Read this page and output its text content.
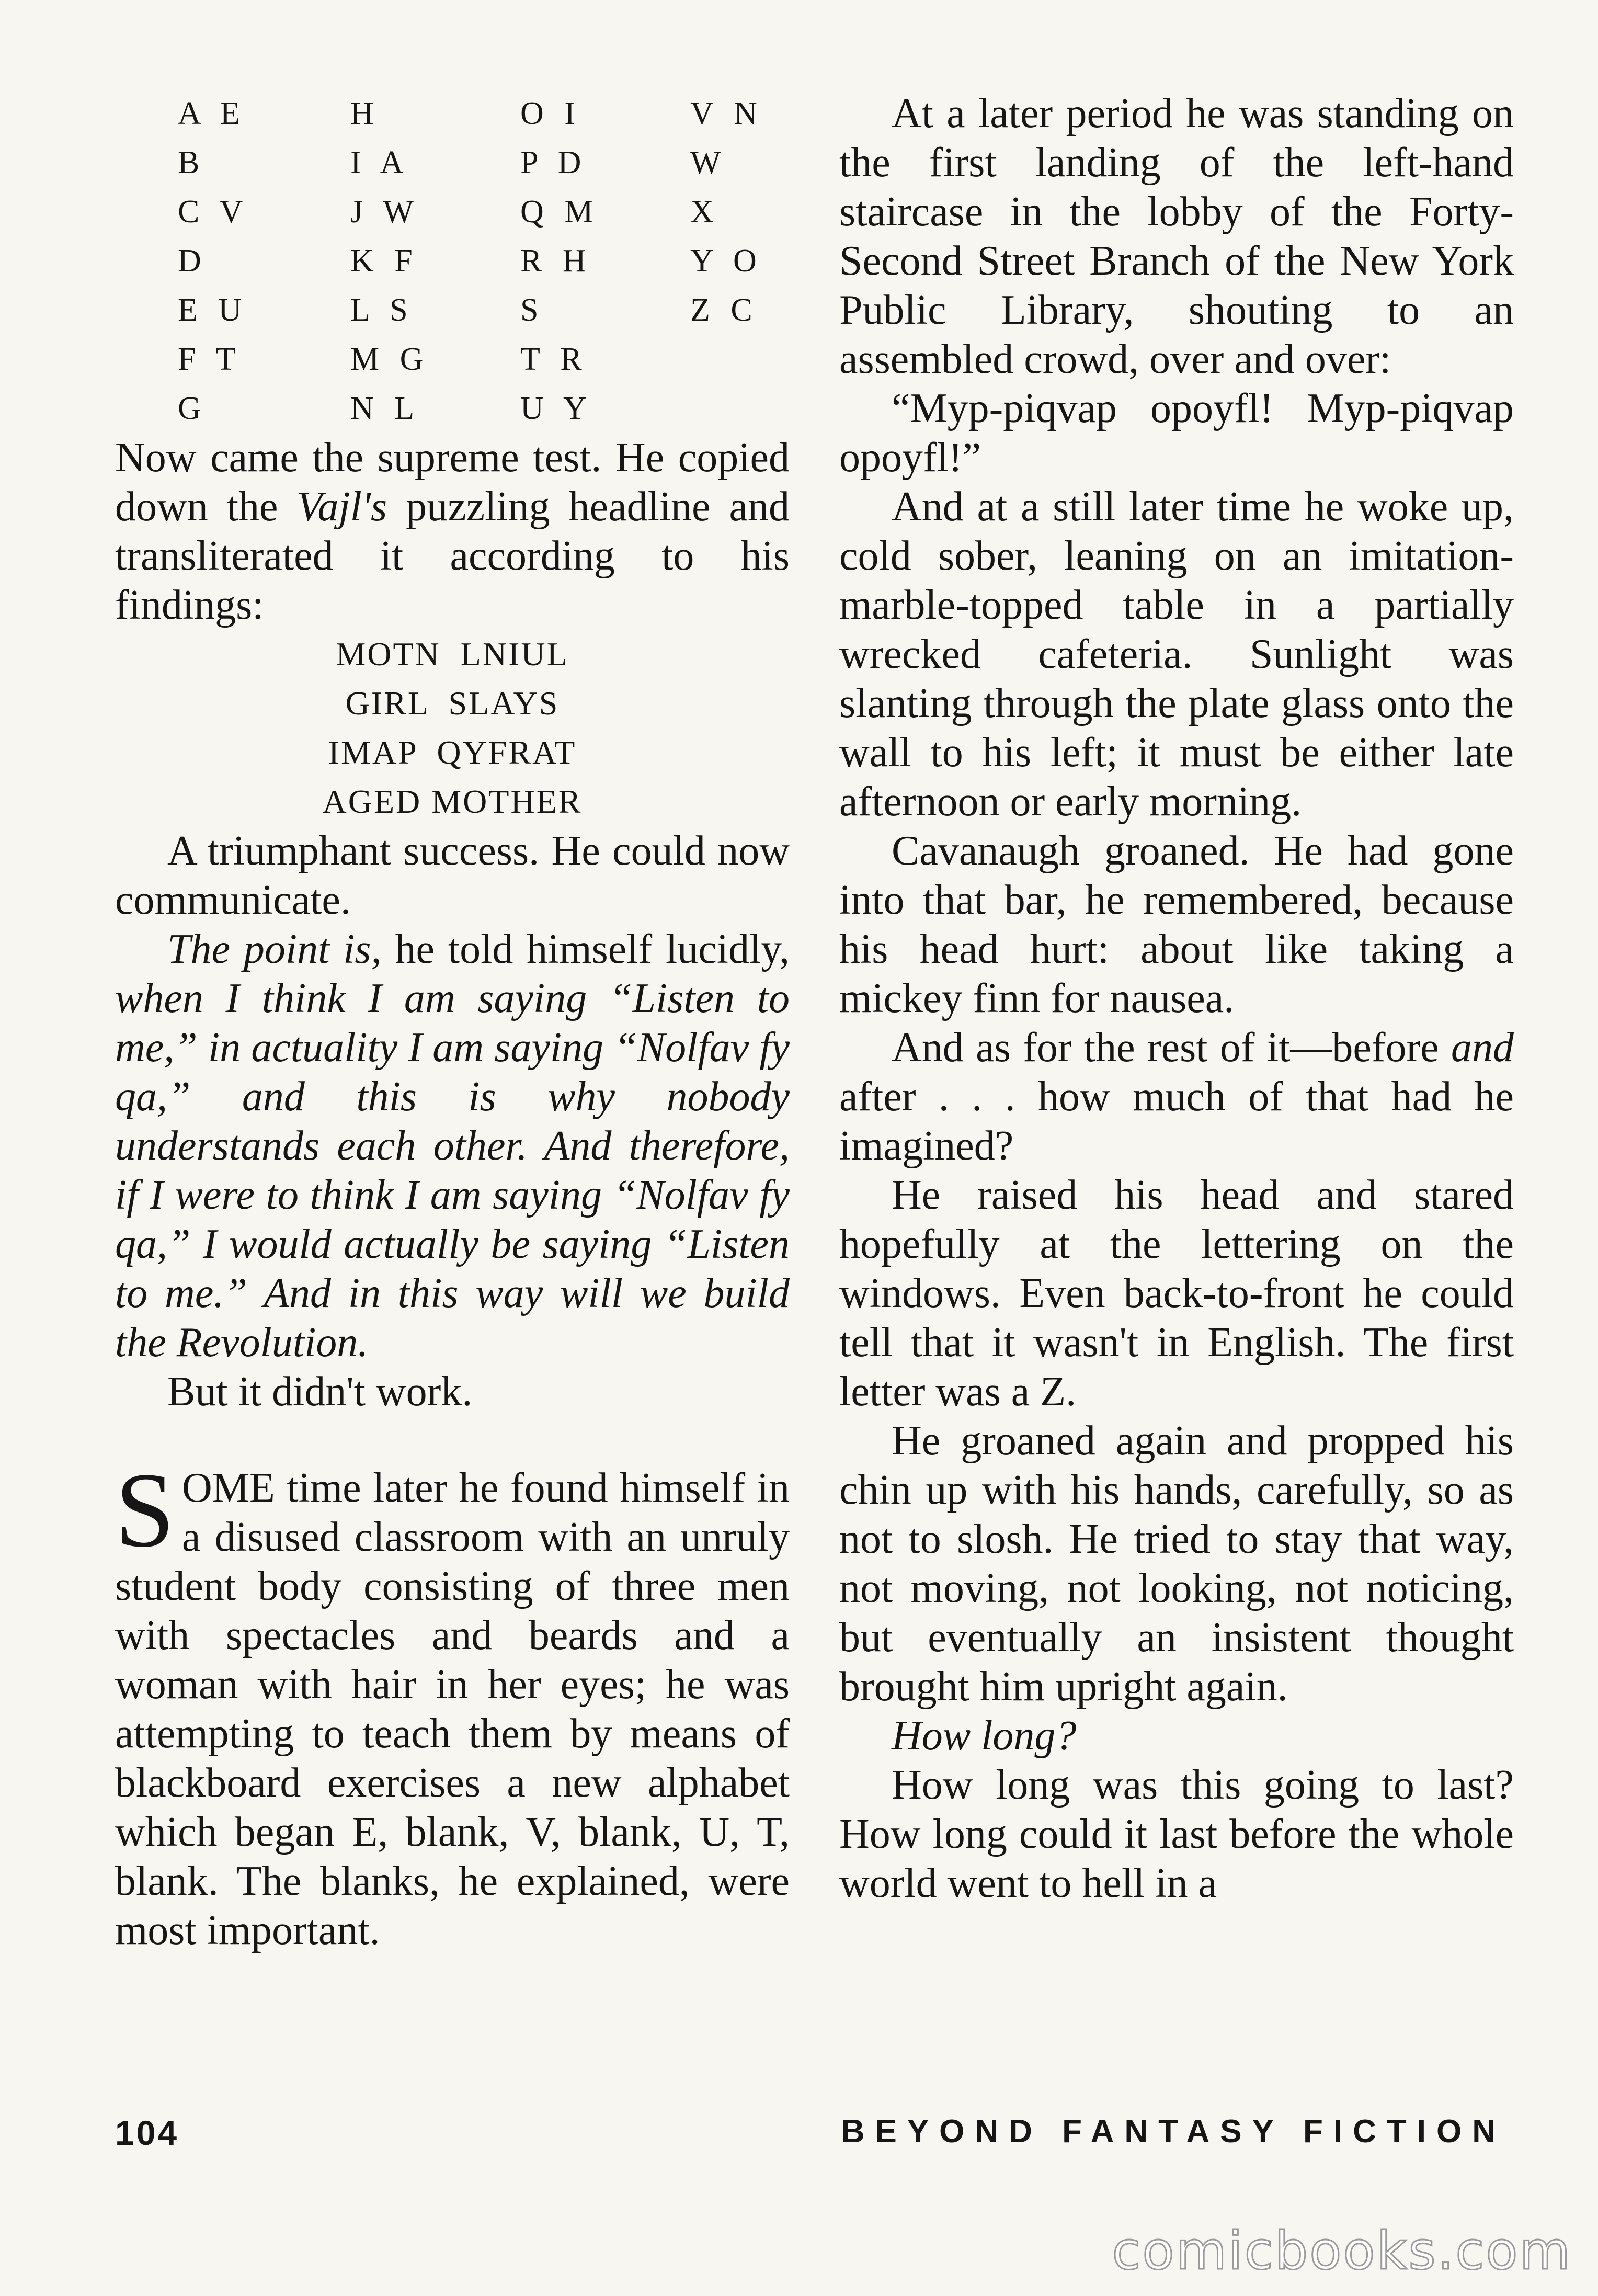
A E	H	O I	V N
B	I A	P D	W
C V	J W	Q M	X
D	K F	R H	Y O
E U	L S	S	Z C
F T	M G	T R
G	N L	U Y

Now came the supreme test. He copied down the Vajl's puzzling headline and transliterated it according to his findings:

MOTN  LNIUL
GIRL  SLAYS
IMAP  QYFRAT
AGED MOTHER

A triumphant success. He could now communicate.

The point is, he told himself lucidly, when I think I am saying “Listen to me,” in actuality I am saying “Nolfav fy qa,” and this is why nobody understands each other. And therefore, if I were to think I am saying “Nolfav fy qa,” I would actually be saying “Listen to me.” And in this way will we build the Revolution.

But it didn't work.

SOME time later he found himself in a disused classroom with an unruly student body consisting of three men with spectacles and beards and a woman with hair in her eyes; he was attempting to teach them by means of blackboard exercises a new alphabet which began E, blank, V, blank, U, T, blank. The blanks, he explained, were most important.

At a later period he was standing on the first landing of the left-hand staircase in the lobby of the Forty-Second Street Branch of the New York Public Library, shouting to an assembled crowd, over and over:

“Myp-piqvap opoyfl! Myp-piqvap opoyfl!”

And at a still later time he woke up, cold sober, leaning on an imitation-marble-topped table in a partially wrecked cafeteria. Sunlight was slanting through the plate glass onto the wall to his left; it must be either late afternoon or early morning.

Cavanaugh groaned. He had gone into that bar, he remembered, because his head hurt: about like taking a mickey finn for nausea.

And as for the rest of it—before and after . . . how much of that had he imagined?

He raised his head and stared hopefully at the lettering on the windows. Even back-to-front he could tell that it wasn't in English. The first letter was a Z.

He groaned again and propped his chin up with his hands, carefully, so as not to slosh. He tried to stay that way, not moving, not looking, not noticing, but eventually an insistent thought brought him upright again.

How long?

How long was this going to last? How long could it last before the whole world went to hell in a

104	BEYOND FANTASY FICTION
comicbooks.com
